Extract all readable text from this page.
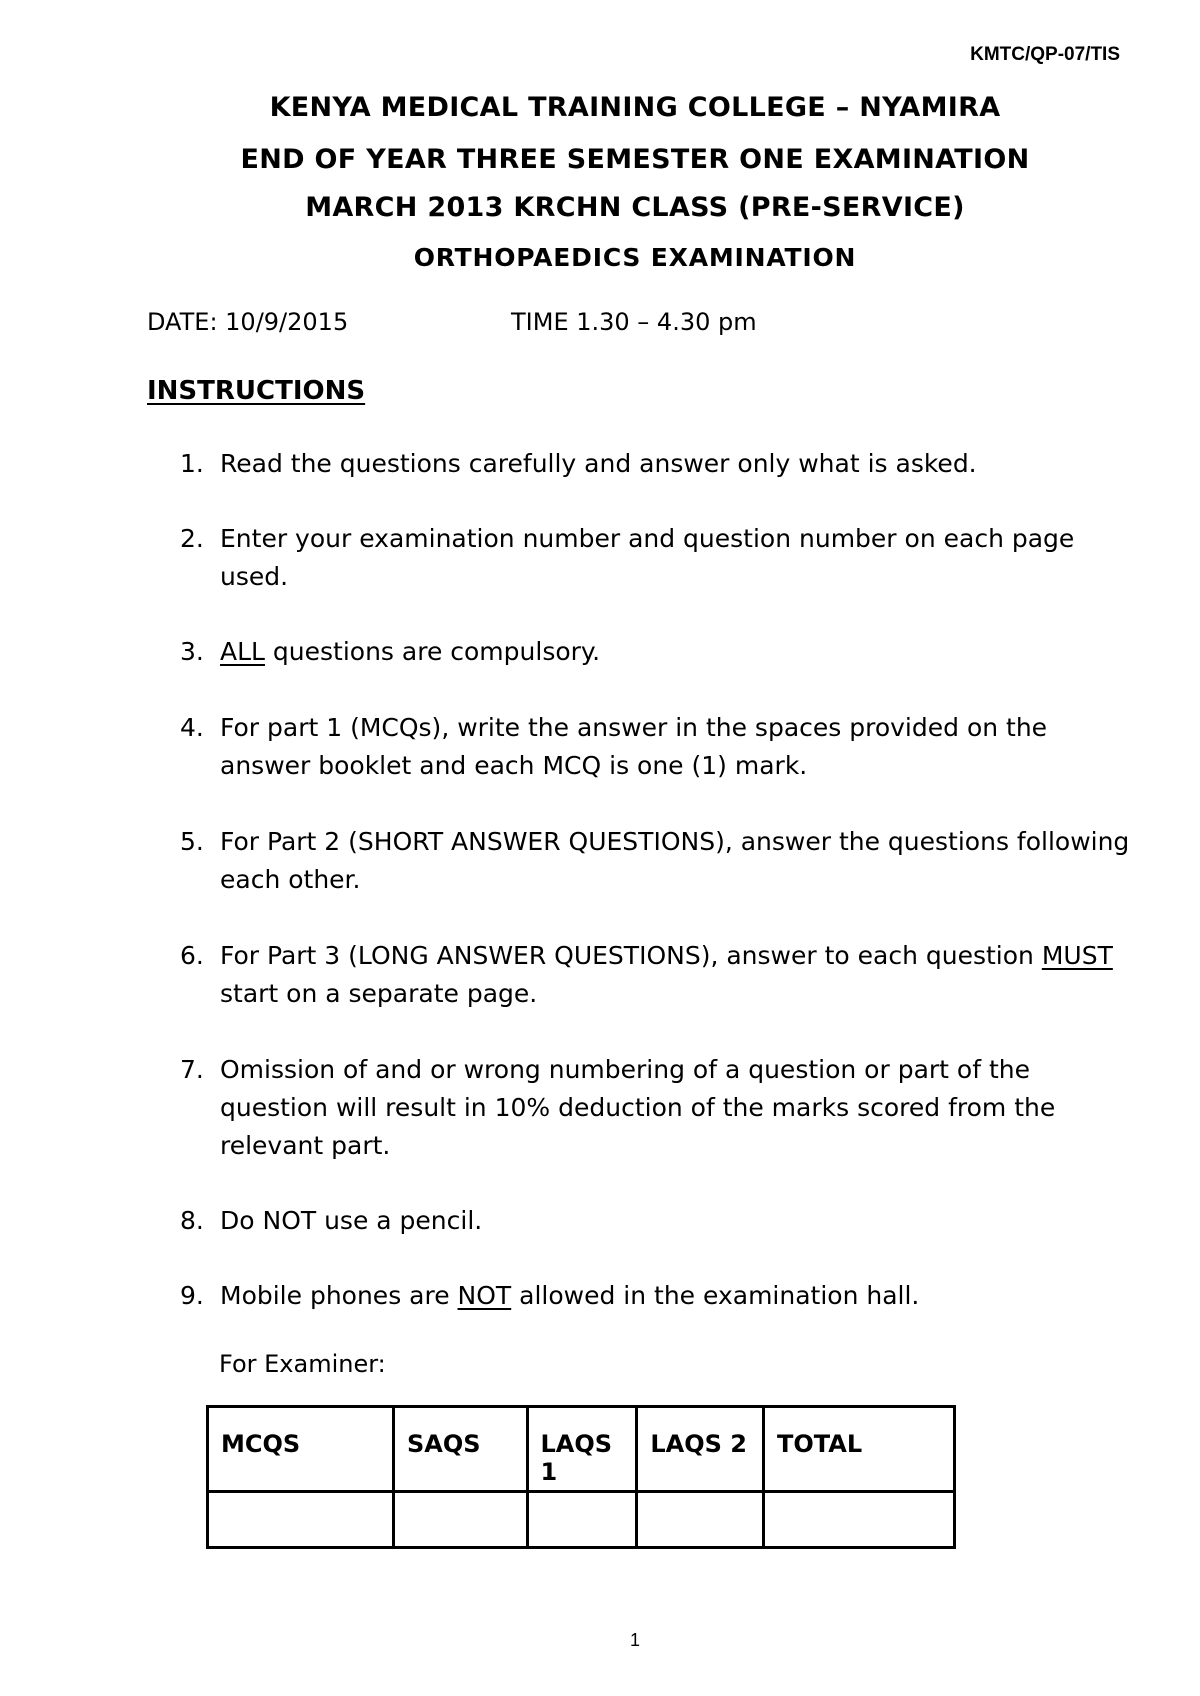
KMTC/QP-07/TIS
KENYA MEDICAL TRAINING COLLEGE – NYAMIRA
END OF YEAR THREE SEMESTER ONE EXAMINATION
MARCH 2013 KRCHN CLASS (PRE-SERVICE)
ORTHOPAEDICS EXAMINATION
DATE: 10/9/2015	TIME 1.30 – 4.30 pm
INSTRUCTIONS
1. Read the questions carefully and answer only what is asked.
2. Enter your examination number and question number on each page used.
3. ALL questions are compulsory.
4. For part 1 (MCQs), write the answer in the spaces provided on the answer booklet and each MCQ is one (1) mark.
5. For Part 2 (SHORT ANSWER QUESTIONS), answer the questions following each other.
6. For Part 3 (LONG ANSWER QUESTIONS), answer to each question MUST start on a separate page.
7. Omission of and or wrong numbering of a question or part of the question will result in 10% deduction of the marks scored from the relevant part.
8. Do NOT use a pencil.
9. Mobile phones are NOT allowed in the examination hall.
For Examiner:
MCQS	SAQS	LAQS 1	LAQS 2	TOTAL

1
